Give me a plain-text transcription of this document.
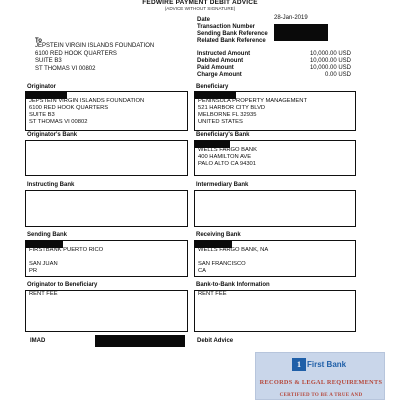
FEDWIRE PAYMENT DEBIT ADVICE
(ADVICE WITHOUT SIGNATURE)
Date	28-Jan-2019
Transaction Number
Sending Bank Reference
Related Bank Reference
To
JEPSTEIN VIRGIN ISLANDS FOUNDATION
6100 RED HOOK QUARTERS
SUITE B3
ST THOMAS VI 00802
Instructed Amount	10,000.00 USD
Debited Amount	10,000.00 USD
Paid Amount	10,000.00 USD
Charge Amount	0.00 USD
Originator
JEPSTEIN VIRGIN ISLANDS FOUNDATION
6100 RED HOOK QUARTERS
SUITE B3
ST THOMAS VI 00802
Beneficiary
PENINSULA PROPERTY MANAGEMENT
521 HARBOR CITY BLVD
MELBORNE FL 32935
UNITED STATES
Originator's Bank	Beneficiary's Bank
WELLS FARGO BANK
400 HAMILTON AVE
PALO ALTO CA 94301
Instructing Bank	Intermediary Bank
Sending Bank
FIRSTBANK PUERTO RICO
SAN JUAN
PR
Receiving Bank
WELLS FARGO BANK, NA
SAN FRANCISCO
CA
Originator to Beneficiary
RENT FEE
Bank-to-Bank Information
RENT FEE
IMAD	Debit Advice
1 First Bank
RECORDS & LEGAL REQUIREMENTS
CERTIFIED TO BE A TRUE AND
